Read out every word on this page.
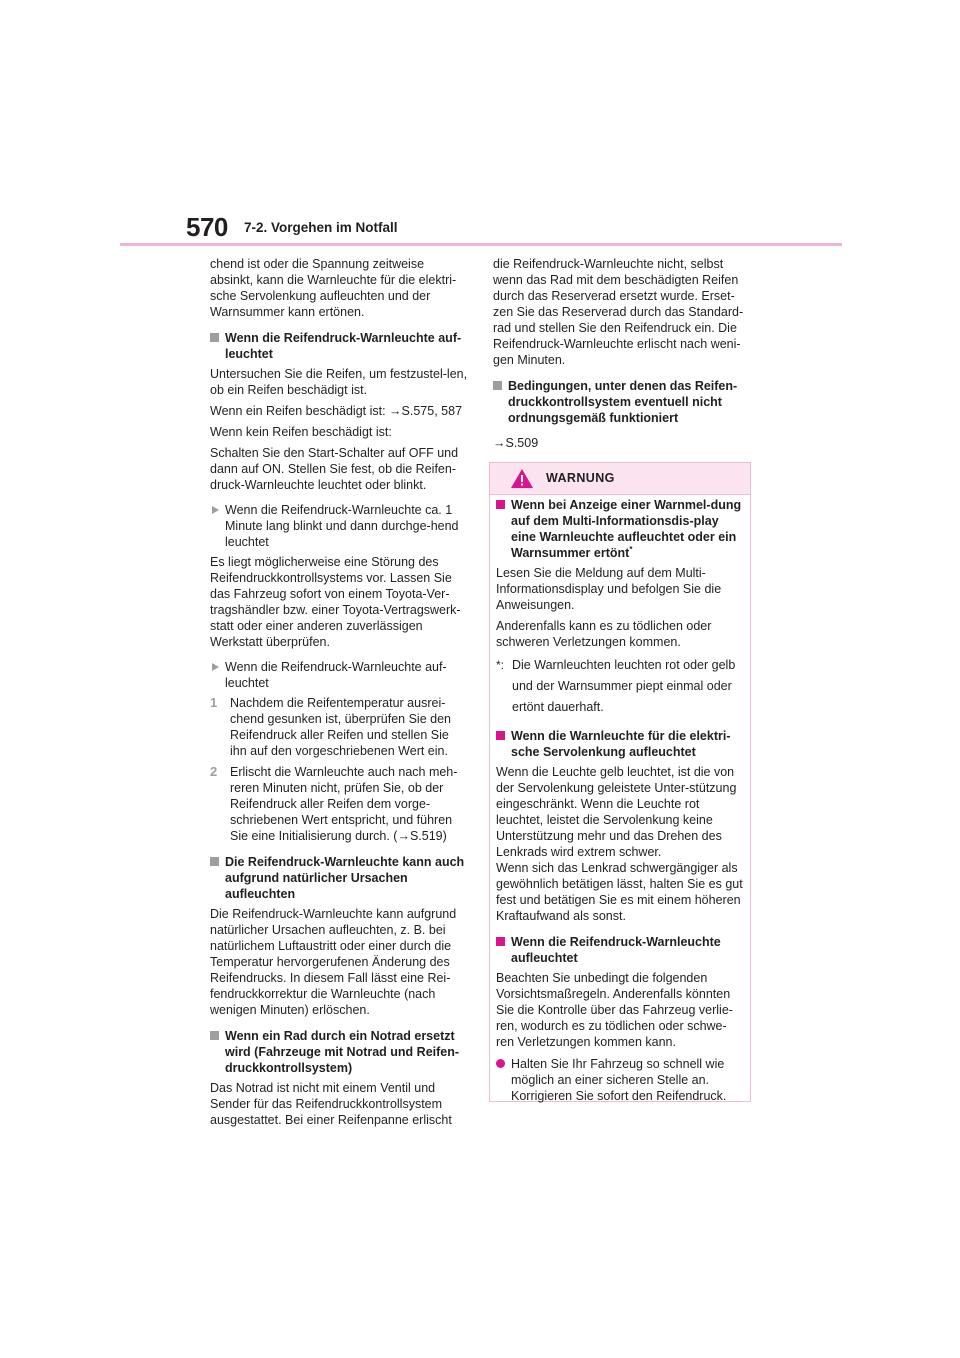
570 7-2. Vorgehen im Notfall

chend ist oder die Spannung zeitweise absinkt, kann die Warnleuchte für die elektri-sche Servolenkung aufleuchten und der Warnsummer kann ertönen.

Wenn die Reifendruck-Warnleuchte auf-leuchtet

Untersuchen Sie die Reifen, um festzustel-len, ob ein Reifen beschädigt ist.

Wenn ein Reifen beschädigt ist: →S.575, 587

Wenn kein Reifen beschädigt ist:

Schalten Sie den Start-Schalter auf OFF und dann auf ON. Stellen Sie fest, ob die Reifen-druck-Warnleuchte leuchtet oder blinkt.

Wenn die Reifendruck-Warnleuchte ca. 1 Minute lang blinkt und dann durchge-hend leuchtet

Es liegt möglicherweise eine Störung des Reifendruckkontrollsystems vor. Lassen Sie das Fahrzeug sofort von einem Toyota-Ver-tragshändler bzw. einer Toyota-Vertragswerk-statt oder einer anderen zuverlässigen Werkstatt überprüfen.

Wenn die Reifendruck-Warnleuchte auf-leuchtet
1 Nachdem die Reifentemperatur ausrei-chend gesunken ist, überprüfen Sie den Reifendruck aller Reifen und stellen Sie ihn auf den vorgeschriebenen Wert ein.
2 Erlischt die Warnleuchte auch nach meh-reren Minuten nicht, prüfen Sie, ob der Reifendruck aller Reifen dem vorge-schriebenen Wert entspricht, und führen Sie eine Initialisierung durch. (→S.519)
Die Reifendruck-Warnleuchte kann auch aufgrund natürlicher Ursachen aufleuchten

Die Reifendruck-Warnleuchte kann aufgrund natürlicher Ursachen aufleuchten, z. B. bei natürlichem Luftaustritt oder einer durch die Temperatur hervorgerufenen Änderung des Reifendrucks. In diesem Fall lässt eine Rei-fendruckkorrektur die Warnleuchte (nach wenigen Minuten) erlöschen.

Wenn ein Rad durch ein Notrad ersetzt wird (Fahrzeuge mit Notrad und Reifen-druckkontrollsystem)

Das Notrad ist nicht mit einem Ventil und Sender für das Reifendruckkontrollsystem ausgestattet. Bei einer Reifenpanne erlischt

die Reifendruck-Warnleuchte nicht, selbst wenn das Rad mit dem beschädigten Reifen durch das Reserverad ersetzt wurde. Erset-zen Sie das Reserverad durch das Standard-rad und stellen Sie den Reifendruck ein. Die Reifendruck-Warnleuchte erlischt nach weni-gen Minuten.

Bedingungen, unter denen das Reifen-druckkontrollsystem eventuell nicht ordnungsgemäß funktioniert

→S.509

WARNUNG
Wenn bei Anzeige einer Warnmel-dung auf dem Multi-Informationsdis-play eine Warnleuchte aufleuchtet oder ein Warnsummer ertönt*

Lesen Sie die Meldung auf dem Multi-Informationsdisplay und befolgen Sie die Anweisungen.

Anderenfalls kann es zu tödlichen oder schweren Verletzungen kommen.

*: Die Warnleuchten leuchten rot oder gelb und der Warnsummer piept einmal oder ertönt dauerhaft.
Wenn die Warnleuchte für die elektri-sche Servolenkung aufleuchtet

Wenn die Leuchte gelb leuchtet, ist die von der Servolenkung geleistete Unter-stützung eingeschränkt. Wenn die Leuchte rot leuchtet, leistet die Servolenkung keine Unterstützung mehr und das Drehen des Lenkrads wird extrem schwer.

Wenn sich das Lenkrad schwergängiger als gewöhnlich betätigen lässt, halten Sie es gut fest und betätigen Sie es mit einem höheren Kraftaufwand als sonst.

Wenn die Reifendruck-Warnleuchte aufleuchtet

Beachten Sie unbedingt die folgenden Vorsichtsmaßregeln. Anderenfalls könnten Sie die Kontrolle über das Fahrzeug verlie-ren, wodurch es zu tödlichen oder schwe-ren Verletzungen kommen kann.

Halten Sie Ihr Fahrzeug so schnell wie möglich an einer sicheren Stelle an. Korrigieren Sie sofort den Reifendruck.
